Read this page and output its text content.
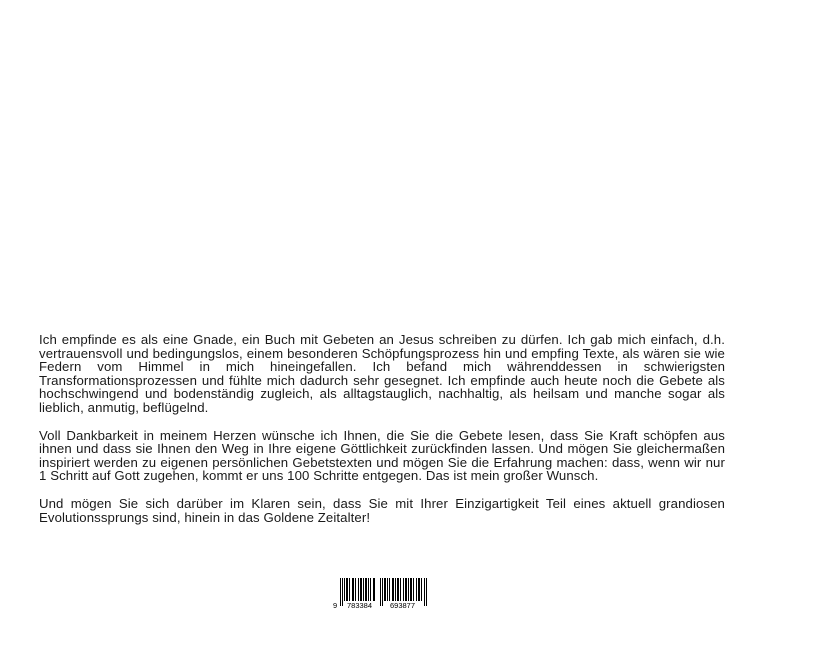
Ich empfinde es als eine Gnade, ein Buch mit Gebeten an Jesus schreiben zu dürfen. Ich gab mich einfach, d.h. vertrauensvoll und bedingungslos, einem besonderen Schöpfungsprozess hin und empfing Texte, als wären sie wie Federn vom Himmel in mich hineingefallen. Ich befand mich währenddessen in schwierigsten Transformationsprozessen und fühlte mich dadurch sehr gesegnet. Ich empfinde auch heute noch die Gebete als hochschwingend und bodenständig zugleich, als alltagstauglich, nachhaltig, als heilsam und manche sogar als lieblich, anmutig, beflügelnd.

Voll Dankbarkeit in meinem Herzen wünsche ich Ihnen, die Sie die Gebete lesen, dass Sie Kraft schöpfen aus ihnen und dass sie Ihnen den Weg in Ihre eigene Göttlichkeit zurückfinden lassen. Und mögen Sie gleichermaßen inspiriert werden zu eigenen persönlichen Gebetstexten und mögen Sie die Erfahrung machen: dass, wenn wir nur 1 Schritt auf Gott zugehen, kommt er uns 100 Schritte entgegen. Das ist mein großer Wunsch.

Und mögen Sie sich darüber im Klaren sein, dass Sie mit Ihrer Einzigartigkeit Teil eines aktuell grandiosen Evolutionssprungs sind, hinein in das Goldene Zeitalter!

9 783384 693877
